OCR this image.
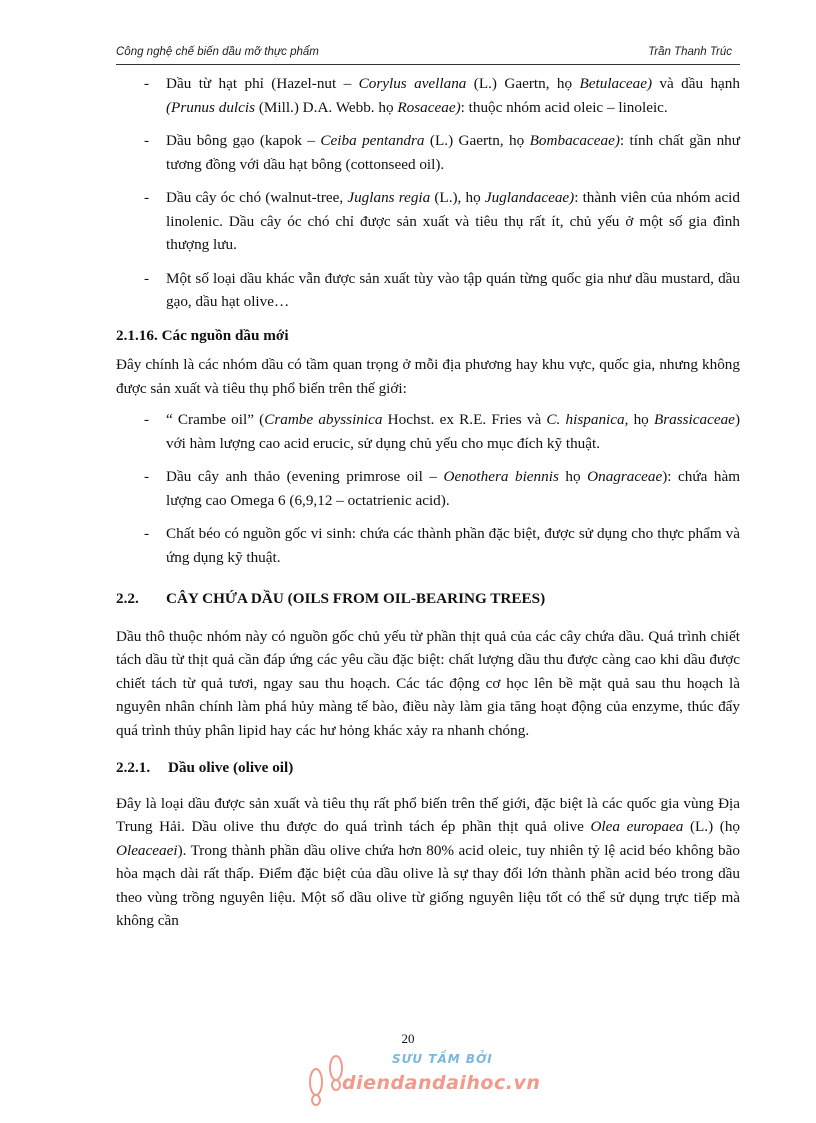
Công nghệ chế biến dầu mỡ thực phẩm	Trần Thanh Trúc
- Dầu từ hạt phỉ (Hazel-nut – Corylus avellana (L.) Gaertn, họ Betulaceae) và dầu hạnh (Prunus dulcis (Mill.) D.A. Webb. họ Rosaceae): thuộc nhóm acid oleic – linoleic.
- Dầu bông gạo (kapok – Ceiba pentandra (L.) Gaertn, họ Bombacaceae): tính chất gần như tương đồng với dầu hạt bông (cottonseed oil).
- Dầu cây óc chó (walnut-tree, Juglans regia (L.), họ Juglandaceae): thành viên của nhóm acid linolenic. Dầu cây óc chó chỉ được sản xuất và tiêu thụ rất ít, chủ yếu ở một số gia đình thượng lưu.
- Một số loại dầu khác vẫn được sản xuất tùy vào tập quán từng quốc gia như dầu mustard, dầu gạo, dầu hạt olive…
2.1.16. Các nguồn dầu mới

Đây chính là các nhóm dầu có tầm quan trọng ở mỗi địa phương hay khu vực, quốc gia, nhưng không được sản xuất và tiêu thụ phổ biến trên thế giới:

- “ Crambe oil” (Crambe abyssinica Hochst. ex R.E. Fries và C. hispanica, họ Brassicaceae) với hàm lượng cao acid erucic, sử dụng chủ yếu cho mục đích kỹ thuật.
- Dầu cây anh thảo (evening primrose oil – Oenothera biennis họ Onagraceae): chứa hàm lượng cao Omega 6 (6,9,12 – octatrienic acid).
- Chất béo có nguồn gốc vi sinh: chứa các thành phần đặc biệt, được sử dụng cho thực phẩm và ứng dụng kỹ thuật.
2.2. CÂY CHỨA DẦU (OILS FROM OIL-BEARING TREES)

Dầu thô thuộc nhóm này có nguồn gốc chủ yếu từ phần thịt quả của các cây chứa dầu. Quá trình chiết tách dầu từ thịt quả cần đáp ứng các yêu cầu đặc biệt: chất lượng dầu thu được càng cao khi dầu được chiết tách từ quả tươi, ngay sau thu hoạch. Các tác động cơ học lên bề mặt quả sau thu hoạch là nguyên nhân chính làm phá hủy màng tế bào, điều này làm gia tăng hoạt động của enzyme, thúc đẩy quá trình thủy phân lipid hay các hư hỏng khác xảy ra nhanh chóng.

2.2.1. Dầu olive (olive oil)

Đây là loại dầu được sản xuất và tiêu thụ rất phổ biến trên thế giới, đặc biệt là các quốc gia vùng Địa Trung Hải. Dầu olive thu được do quá trình tách ép phần thịt quả olive Olea europaea (L.) (họ Oleaceaei). Trong thành phần dầu olive chứa hơn 80% acid oleic, tuy nhiên tỷ lệ acid béo không bão hòa mạch dài rất thấp. Điểm đặc biệt của dầu olive là sự thay đổi lớn thành phần acid béo trong dầu theo vùng trồng nguyên liệu. Một số dầu olive từ giống nguyên liệu tốt có thể sử dụng trực tiếp mà không cần

20
SƯU TẦM BỞI
diendandaihoc.vn
